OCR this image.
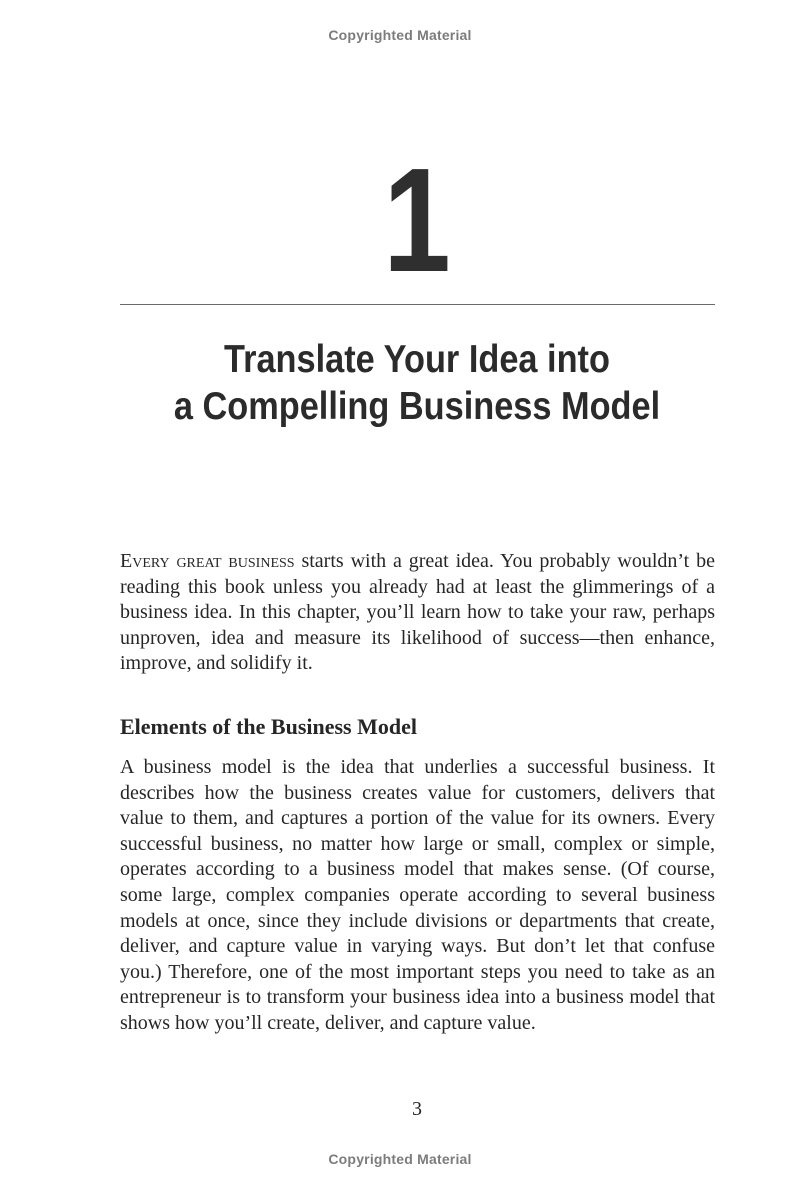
Copyrighted Material
1
Translate Your Idea into
a Compelling Business Model

Every great business starts with a great idea. You probably wouldn’t be reading this book unless you already had at least the glimmerings of a business idea. In this chapter, you’ll learn how to take your raw, perhaps unproven, idea and measure its likelihood of success—then enhance, improve, and solidify it.

Elements of the Business Model

A business model is the idea that underlies a successful business. It describes how the business creates value for customers, delivers that value to them, and captures a portion of the value for its owners. Every successful business, no matter how large or small, complex or simple, operates according to a business model that makes sense. (Of course, some large, complex companies operate according to several business models at once, since they include divisions or departments that create, deliver, and capture value in varying ways. But don’t let that confuse you.) Therefore, one of the most important steps you need to take as an entrepreneur is to transform your business idea into a business model that shows how you’ll create, deliver, and capture value.

3
Copyrighted Material
